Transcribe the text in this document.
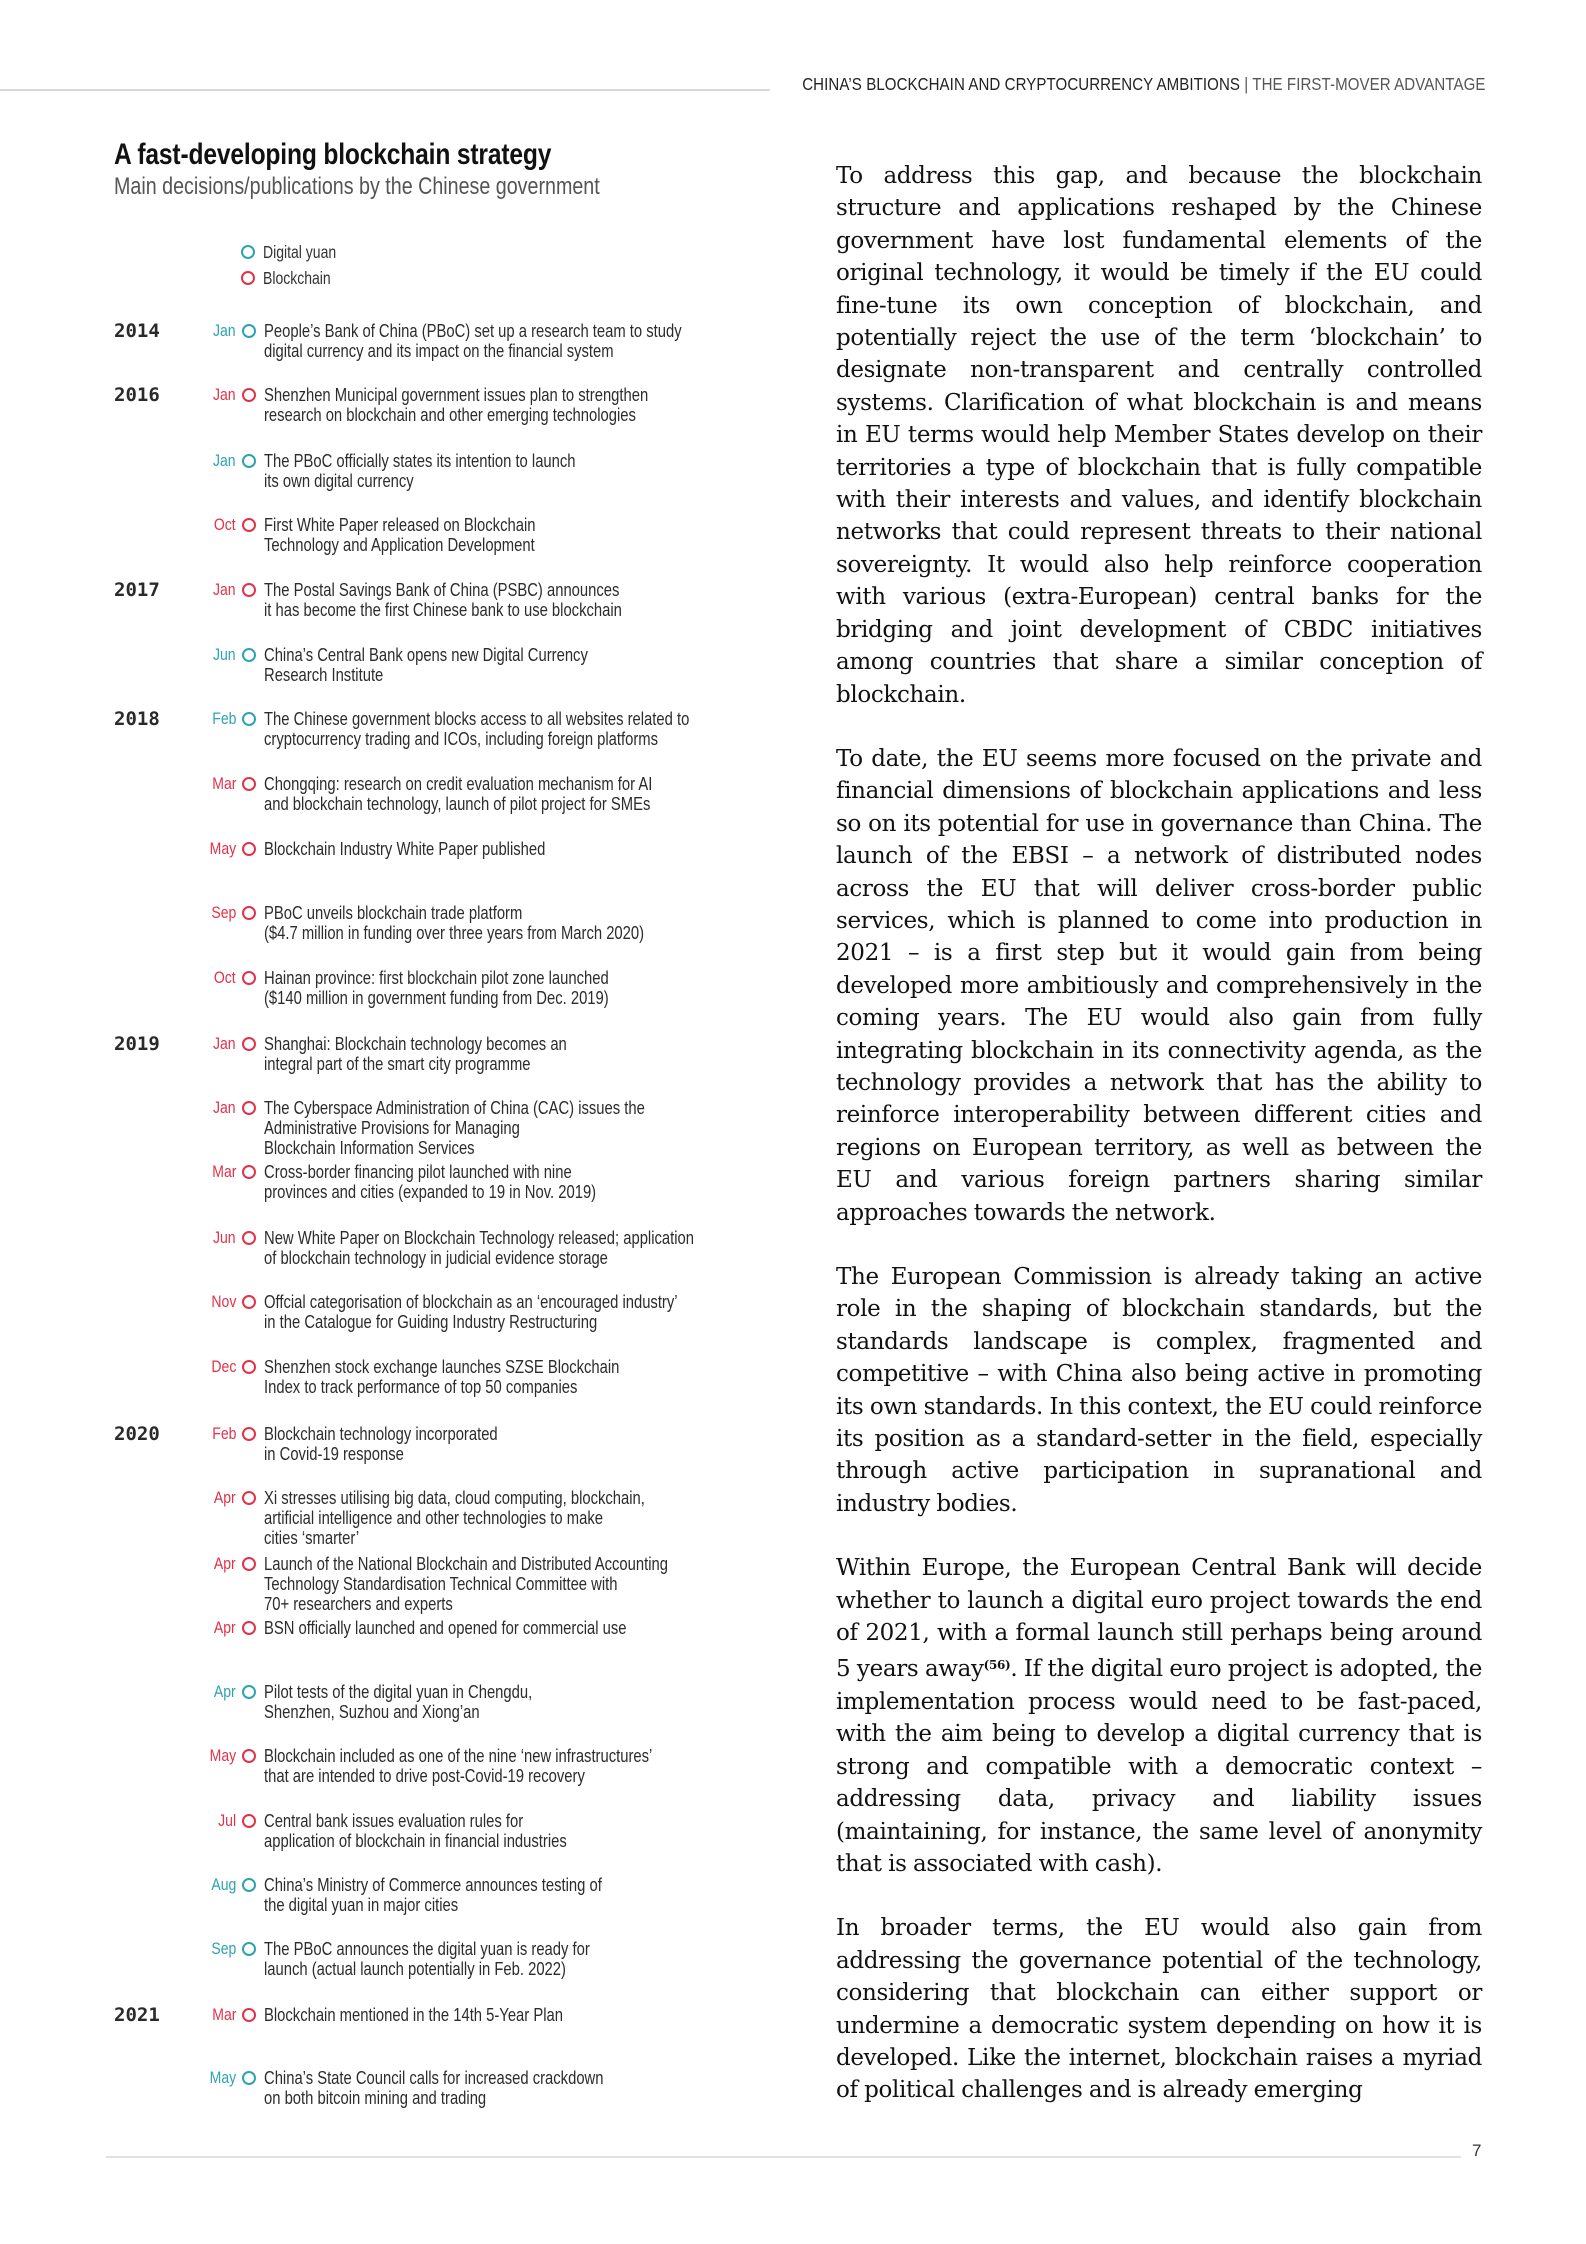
CHINA’S BLOCKCHAIN AND CRYPTOCURRENCY AMBITIONS | THE FIRST-MOVER ADVANTAGE
A fast-developing blockchain strategy
Main decisions/publications by the Chinese government
Digital yuan
Blockchain
2014
2016
2017
2018
2019
2020
2021
Jan People’s Bank of China (PBoC) set up a research team to study
digital currency and its impact on the financial system
Jan Shenzhen Municipal government issues plan to strengthen
research on blockchain and other emerging technologies
Jan The PBoC officially states its intention to launch
its own digital currency
Oct First White Paper released on Blockchain
Technology and Application Development
Jan The Postal Savings Bank of China (PSBC) announces
it has become the first Chinese bank to use blockchain
Jun China’s Central Bank opens new Digital Currency
Research Institute
Feb The Chinese government blocks access to all websites related to
cryptocurrency trading and ICOs, including foreign platforms
Mar Chongqing: research on credit evaluation mechanism for AI
and blockchain technology, launch of pilot project for SMEs
May Blockchain Industry White Paper published
Sep PBoC unveils blockchain trade platform
($4.7 million in funding over three years from March 2020)
Oct Hainan province: first blockchain pilot zone launched
($140 million in government funding from Dec. 2019)
Jan Shanghai: Blockchain technology becomes an
integral part of the smart city programme
Jan The Cyberspace Administration of China (CAC) issues the
Administrative Provisions for Managing
Blockchain Information Services
Mar Cross-border financing pilot launched with nine
provinces and cities (expanded to 19 in Nov. 2019)
Jun New White Paper on Blockchain Technology released; application
of blockchain technology in judicial evidence storage
Nov Offcial categorisation of blockchain as an ‘encouraged industry’
in the Catalogue for Guiding Industry Restructuring
Dec Shenzhen stock exchange launches SZSE Blockchain
Index to track performance of top 50 companies
Feb Blockchain technology incorporated
in Covid-19 response
Apr Xi stresses utilising big data, cloud computing, blockchain,
artificial intelligence and other technologies to make
cities ‘smarter’
Apr Launch of the National Blockchain and Distributed Accounting
Technology Standardisation Technical Committee with
70+ researchers and experts
Apr BSN officially launched and opened for commercial use
Apr Pilot tests of the digital yuan in Chengdu,
Shenzhen, Suzhou and Xiong’an
May Blockchain included as one of the nine ‘new infrastructures’
that are intended to drive post-Covid-19 recovery
Jul Central bank issues evaluation rules for
application of blockchain in financial industries
Aug China’s Ministry of Commerce announces testing of
the digital yuan in major cities
Sep The PBoC announces the digital yuan is ready for
launch (actual launch potentially in Feb. 2022)
Mar Blockchain mentioned in the 14th 5-Year Plan
May China’s State Council calls for increased crackdown
on both bitcoin mining and trading

To address this gap, and because the blockchain structure and applications reshaped by the Chinese government have lost fundamental elements of the original technology, it would be timely if the EU could fine-tune its own conception of blockchain, and potentially reject the use of the term ‘blockchain’ to designate non-transparent and centrally controlled systems. Clarification of what blockchain is and means in EU terms would help Member States develop on their territories a type of blockchain that is fully compatible with their interests and values, and identify blockchain networks that could represent threats to their national sovereignty. It would also help reinforce cooperation with various (extra-European) central banks for the bridging and joint development of CBDC initiatives among countries that share a similar conception of blockchain.

To date, the EU seems more focused on the private and financial dimensions of blockchain applications and less so on its potential for use in governance than China. The launch of the EBSI – a network of distributed nodes across the EU that will deliver cross-border public services, which is planned to come into production in 2021 – is a first step but it would gain from being developed more ambitiously and comprehensively in the coming years. The EU would also gain from fully integrating blockchain in its connectivity agenda, as the technology provides a network that has the ability to reinforce interoperability between different cities and regions on European territory, as well as between the EU and various foreign partners sharing similar approaches towards the network.

The European Commission is already taking an active role in the shaping of blockchain standards, but the standards landscape is complex, fragmented and competitive – with China also being active in promoting its own standards. In this context, the EU could reinforce its position as a standard-setter in the field, especially through active participation in supranational and industry bodies.

Within Europe, the European Central Bank will decide whether to launch a digital euro project towards the end of 2021, with a formal launch still perhaps being around 5 years away$^{(56)}$. If the digital euro project is adopted, the implementation process would need to be fast-paced, with the aim being to develop a digital currency that is strong and compatible with a democratic context – addressing data, privacy and liability issues (maintaining, for instance, the same level of anonymity that is associated with cash).

In broader terms, the EU would also gain from addressing the governance potential of the technology, considering that blockchain can either support or undermine a democratic system depending on how it is developed. Like the internet, blockchain raises a myriad of political challenges and is already emerging

7
